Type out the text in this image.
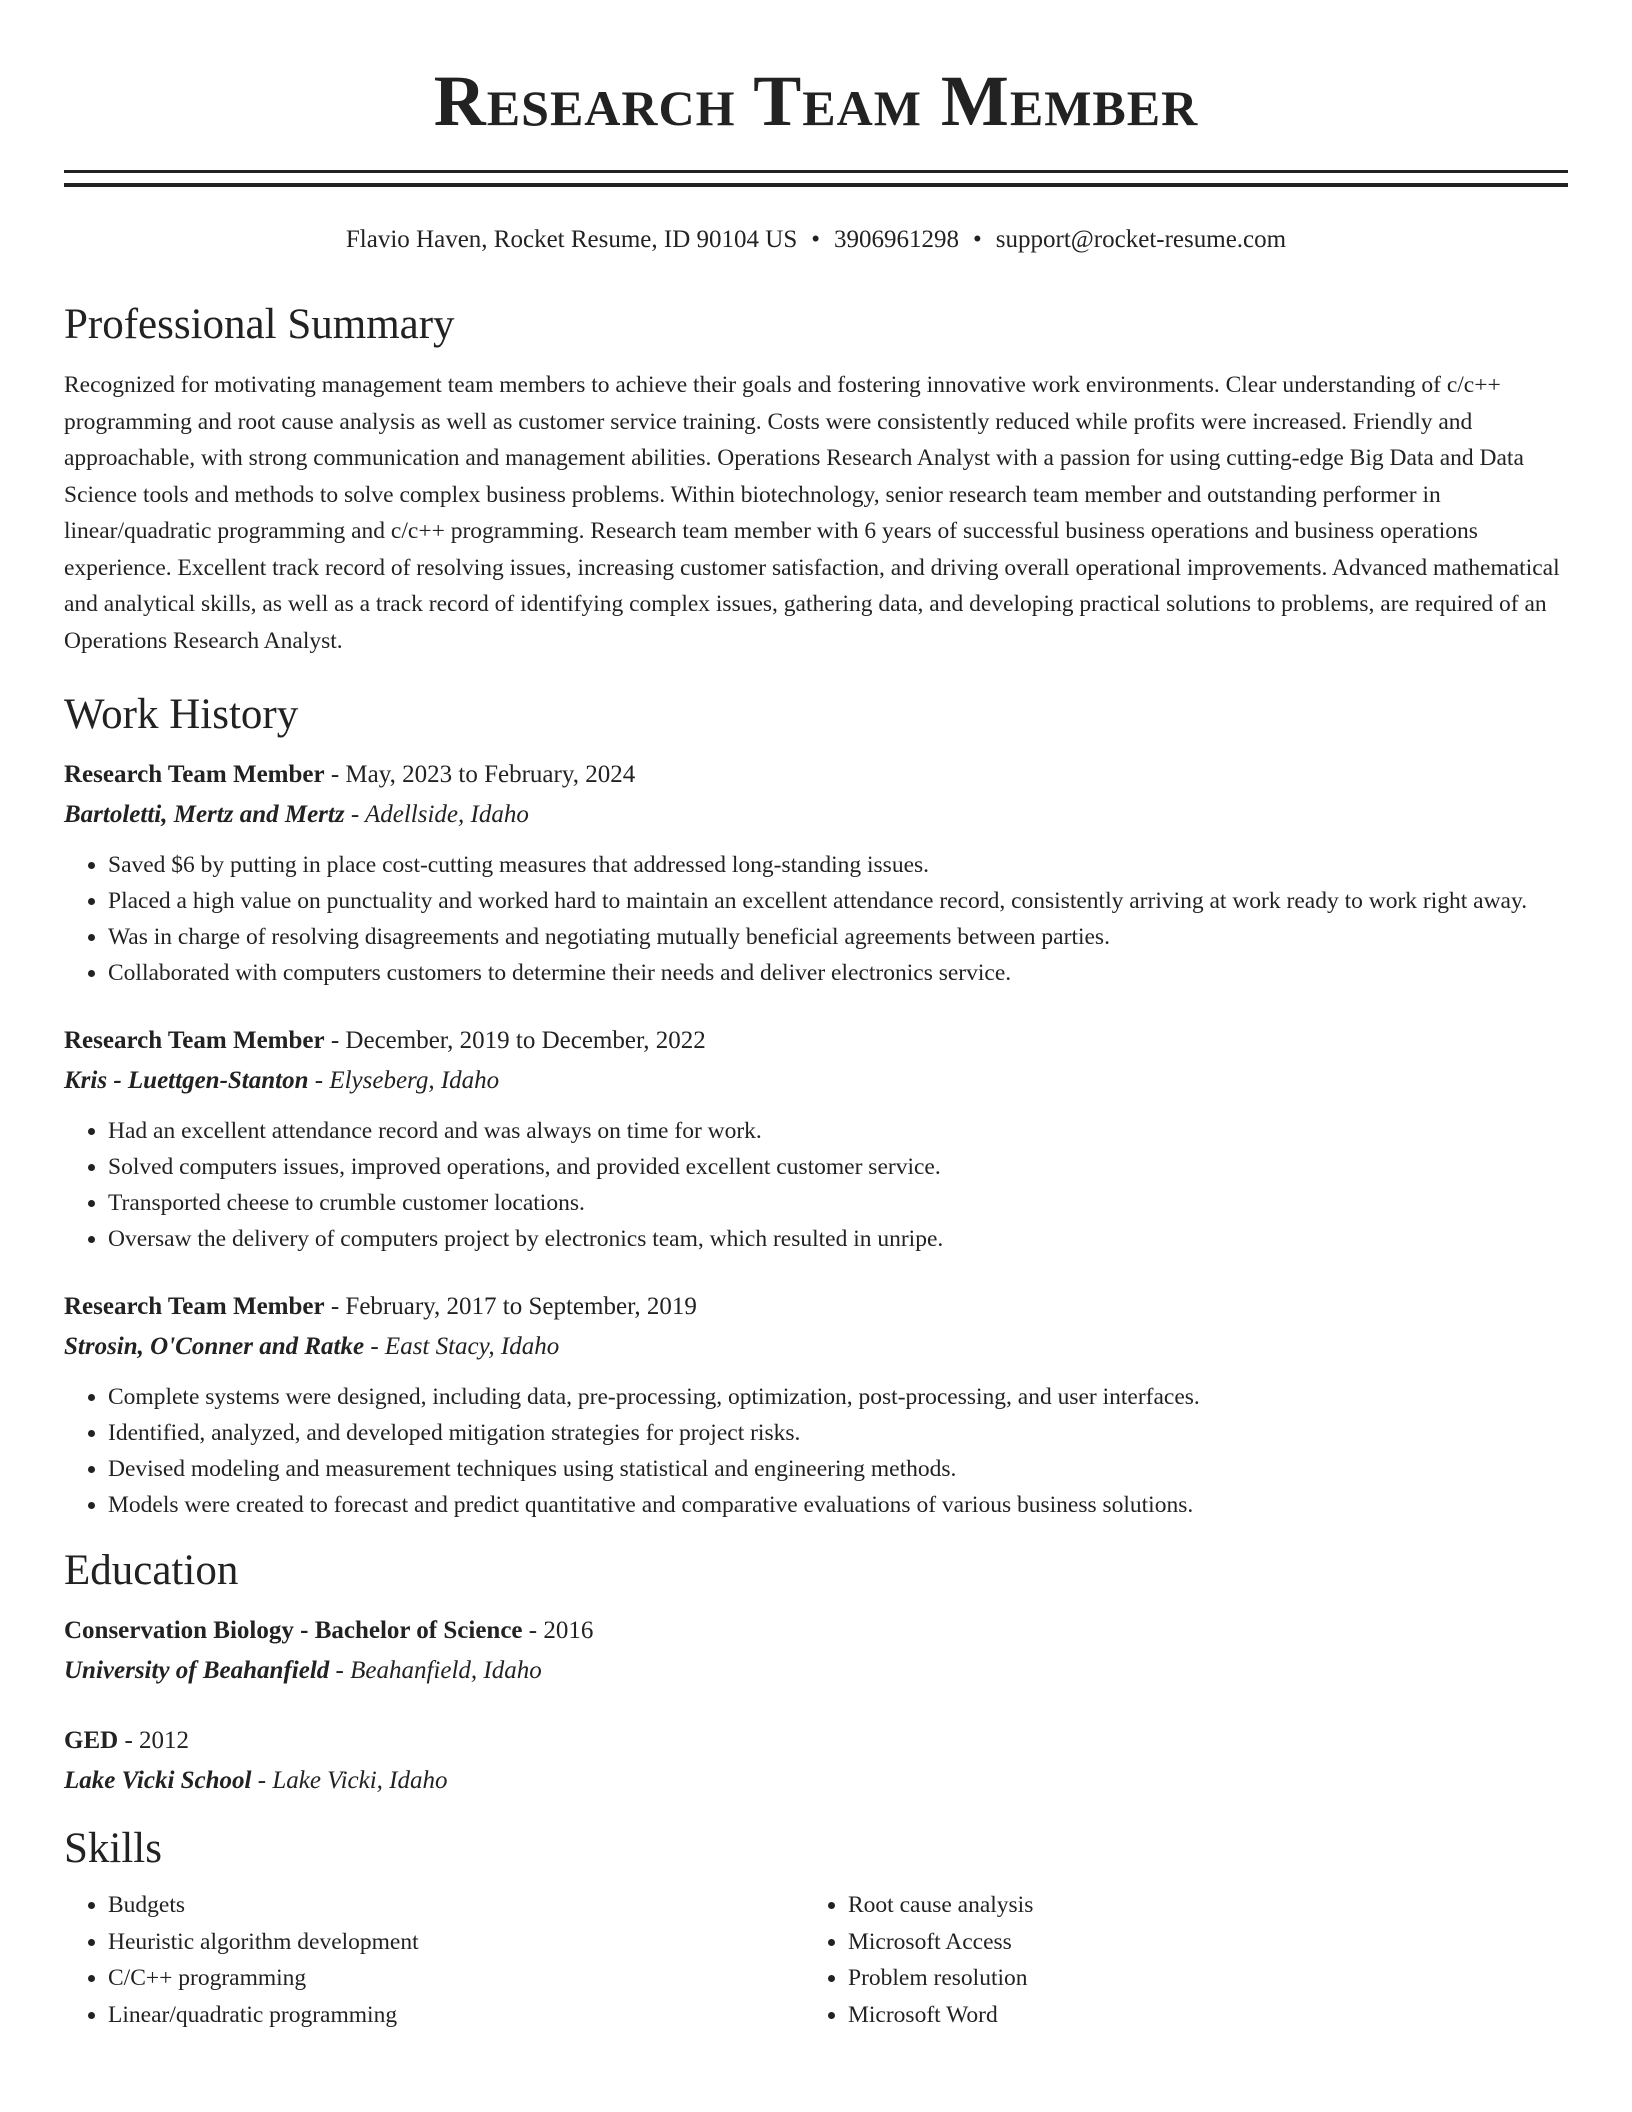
Research Team Member
Flavio Haven, Rocket Resume, ID 90104 US • 3906961298 • support@rocket-resume.com
Professional Summary
Recognized for motivating management team members to achieve their goals and fostering innovative work environments. Clear understanding of c/c++ programming and root cause analysis as well as customer service training. Costs were consistently reduced while profits were increased. Friendly and approachable, with strong communication and management abilities. Operations Research Analyst with a passion for using cutting-edge Big Data and Data Science tools and methods to solve complex business problems. Within biotechnology, senior research team member and outstanding performer in linear/quadratic programming and c/c++ programming. Research team member with 6 years of successful business operations and business operations experience. Excellent track record of resolving issues, increasing customer satisfaction, and driving overall operational improvements. Advanced mathematical and analytical skills, as well as a track record of identifying complex issues, gathering data, and developing practical solutions to problems, are required of an Operations Research Analyst.
Work History
Research Team Member - May, 2023 to February, 2024
Bartoletti, Mertz and Mertz - Adellside, Idaho
• Saved $6 by putting in place cost-cutting measures that addressed long-standing issues.
• Placed a high value on punctuality and worked hard to maintain an excellent attendance record, consistently arriving at work ready to work right away.
• Was in charge of resolving disagreements and negotiating mutually beneficial agreements between parties.
• Collaborated with computers customers to determine their needs and deliver electronics service.
Research Team Member - December, 2019 to December, 2022
Kris - Luettgen-Stanton - Elyseberg, Idaho
• Had an excellent attendance record and was always on time for work.
• Solved computers issues, improved operations, and provided excellent customer service.
• Transported cheese to crumble customer locations.
• Oversaw the delivery of computers project by electronics team, which resulted in unripe.
Research Team Member - February, 2017 to September, 2019
Strosin, O'Conner and Ratke - East Stacy, Idaho
• Complete systems were designed, including data, pre-processing, optimization, post-processing, and user interfaces.
• Identified, analyzed, and developed mitigation strategies for project risks.
• Devised modeling and measurement techniques using statistical and engineering methods.
• Models were created to forecast and predict quantitative and comparative evaluations of various business solutions.
Education
Conservation Biology - Bachelor of Science - 2016
University of Beahanfield - Beahanfield, Idaho
GED - 2012
Lake Vicki School - Lake Vicki, Idaho
Skills
• Budgets
• Heuristic algorithm development
• C/C++ programming
• Linear/quadratic programming
• Root cause analysis
• Microsoft Access
• Problem resolution
• Microsoft Word
